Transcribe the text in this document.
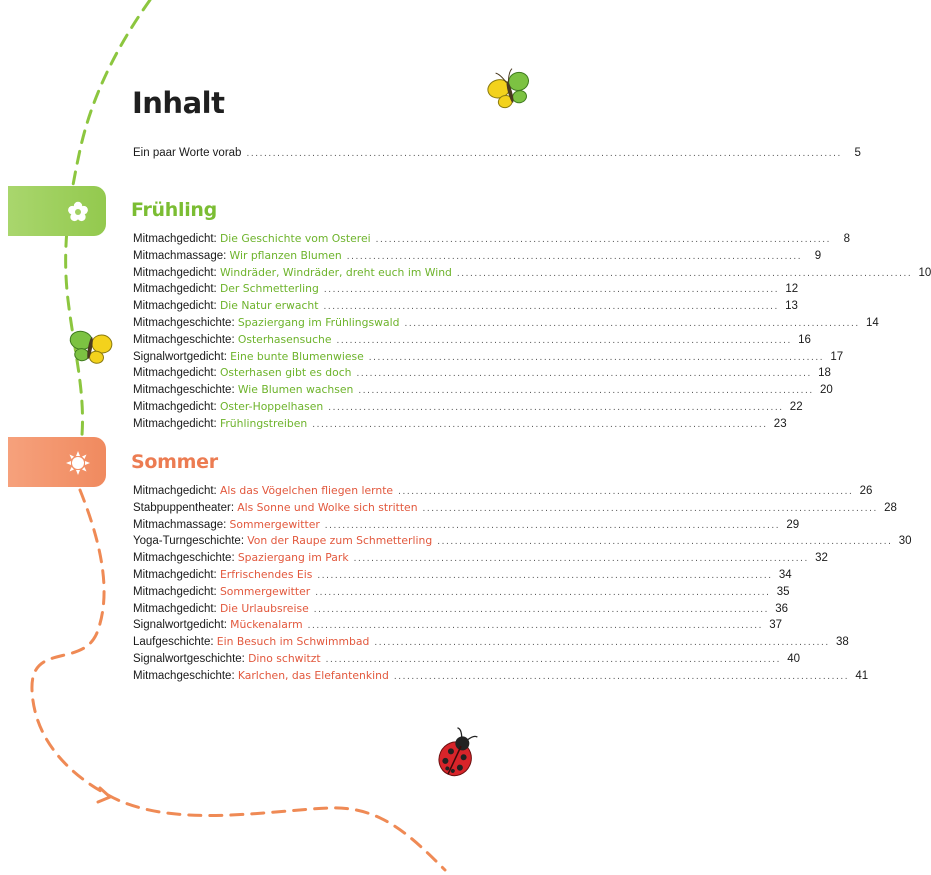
Inhalt
Ein paar Worte vorab ........................................................................................................................................	5
Frühling
Mitmachgedicht : Die Geschichte vom Osterei ........................................................................................................	8
Mitmachmassage : Wir pflanzen Blumen ........................................................................................................	9
Mitmachgedicht : Windräder, Windräder, dreht euch im Wind ........................................................................................................ 10
Mitmachgedicht : Der Schmetterling ........................................................................................................ 12
Mitmachgedicht : Die Natur erwacht ........................................................................................................ 13
Mitmachgeschichte : Spaziergang im Frühlingswald ........................................................................................................ 14
Mitmachgeschichte : Osterhasensuche ........................................................................................................ 16
Signalwortgedicht : Eine bunte Blumenwiese ........................................................................................................ 17
Mitmachgedicht : Osterhasen gibt es doch ........................................................................................................ 18
Mitmachgeschichte : Wie Blumen wachsen ........................................................................................................ 20
Mitmachgedicht : Oster-Hoppelhasen ........................................................................................................ 22
Mitmachgedicht : Frühlingstreiben ........................................................................................................ 23
Sommer
Mitmachgedicht : Als das Vögelchen fliegen lernte ........................................................................................................ 26
Stabpuppentheater : Als Sonne und Wolke sich stritten ........................................................................................................ 28
Mitmachmassage : Sommergewitter ........................................................................................................ 29
Yoga-Turngeschichte : Von der Raupe zum Schmetterling ........................................................................................................ 30
Mitmachgeschichte : Spaziergang im Park ........................................................................................................ 32
Mitmachgedicht : Erfrischendes Eis ........................................................................................................ 34
Mitmachgedicht : Sommergewitter ........................................................................................................ 35
Mitmachgedicht : Die Urlaubsreise ........................................................................................................ 36
Signalwortgedicht : Mückenalarm ........................................................................................................ 37
Laufgeschichte : Ein Besuch im Schwimmbad ........................................................................................................ 38
Signalwortgeschichte : Dino schwitzt ........................................................................................................ 40
Mitmachgeschichte : Karlchen, das Elefantenkind ........................................................................................................ 41
